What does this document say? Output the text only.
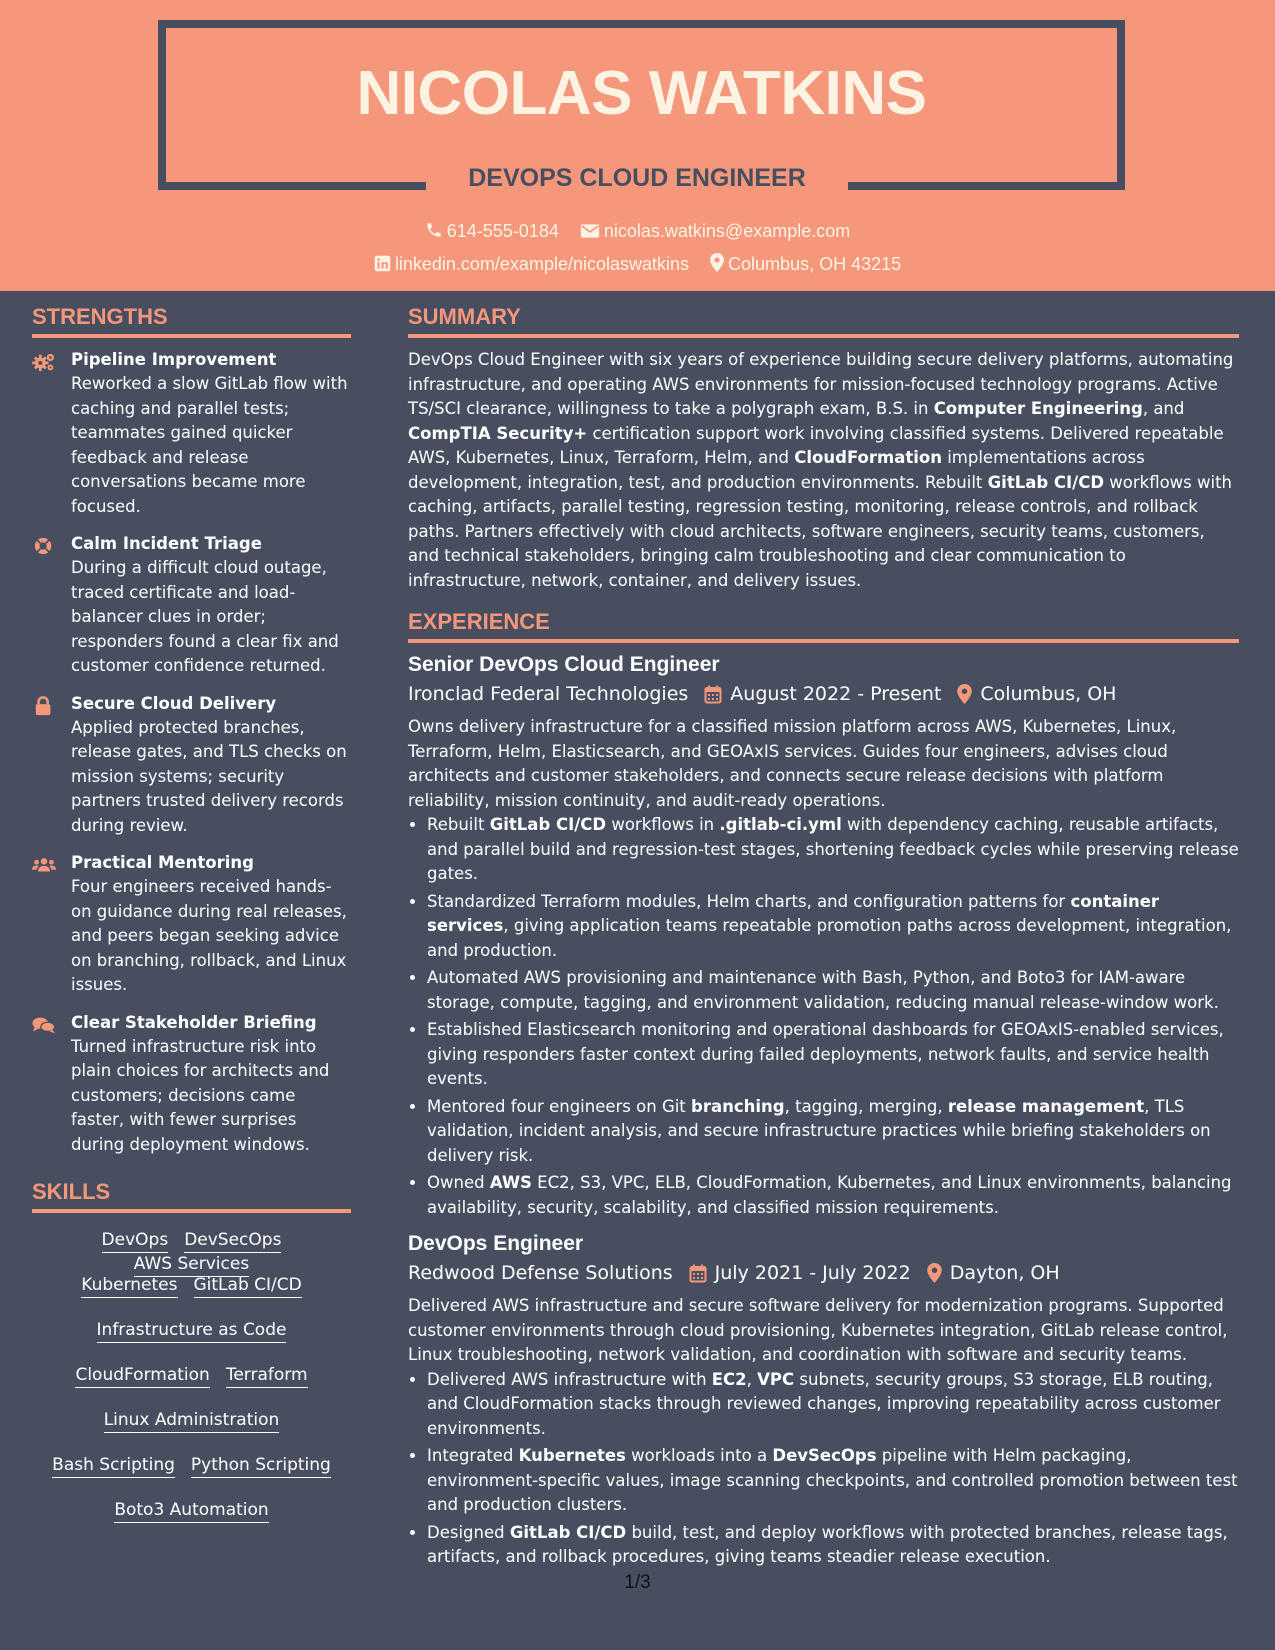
NICOLAS WATKINS
DEVOPS CLOUD ENGINEER
614-555-0184	nicolas.watkins@example.com
linkedin.com/example/nicolaswatkins Columbus, OH 43215
STRENGTHS
Pipeline Improvement
Reworked a slow GitLab flow with caching and parallel tests; teammates gained quicker feedback and release conversations became more focused.
Calm Incident Triage
During a difficult cloud outage, traced certificate and load-balancer clues in order; responders found a clear fix and customer confidence returned.
Secure Cloud Delivery
Applied protected branches, release gates, and TLS checks on mission systems; security partners trusted delivery records during review.
Practical Mentoring
Four engineers received hands-on guidance during real releases, and peers began seeking advice on branching, rollback, and Linux issues.
Clear Stakeholder Briefing
Turned infrastructure risk into plain choices for architects and customers; decisions came faster, with fewer surprises during deployment windows.
SKILLS
DevOps DevSecOpsAWS Services
Kubernetes GitLab CI/CD
Infrastructure as Code
CloudFormation Terraform
Linux Administration
Bash Scripting Python Scripting
Boto3 Automation
SUMMARY
DevOps Cloud Engineer with six years of experience building secure delivery platforms, automating infrastructure, and operating AWS environments for mission-focused technology programs. Active TS/SCI clearance, willingness to take a polygraph exam, B.S. in Computer Engineering, and CompTIA Security+ certification support work involving classified systems. Delivered repeatable AWS, Kubernetes, Linux, Terraform, Helm, and CloudFormation implementations across development, integration, test, and production environments. Rebuilt GitLab CI/CD workflows with caching, artifacts, parallel testing, regression testing, monitoring, release controls, and rollback paths. Partners effectively with cloud architects, software engineers, security teams, customers, and technical stakeholders, bringing calm troubleshooting and clear communication to infrastructure, network, container, and delivery issues.
EXPERIENCE
Senior DevOps Cloud Engineer
Ironclad Federal Technologies August 2022 - Present Columbus, OH
Owns delivery infrastructure for a classified mission platform across AWS, Kubernetes, Linux, Terraform, Helm, Elasticsearch, and GEOAxIS services. Guides four engineers, advises cloud architects and customer stakeholders, and connects secure release decisions with platform reliability, mission continuity, and audit-ready operations.
• Rebuilt GitLab CI/CD workflows in .gitlab-ci.yml with dependency caching, reusable artifacts, and parallel build and regression-test stages, shortening feedback cycles while preserving release gates.
• Standardized Terraform modules, Helm charts, and configuration patterns for container services, giving application teams repeatable promotion paths across development, integration, and production.
• Automated AWS provisioning and maintenance with Bash, Python, and Boto3 for IAM-aware storage, compute, tagging, and environment validation, reducing manual release-window work.
• Established Elasticsearch monitoring and operational dashboards for GEOAxIS-enabled services, giving responders faster context during failed deployments, network faults, and service health events.
• Mentored four engineers on Git branching, tagging, merging, release management, TLS validation, incident analysis, and secure infrastructure practices while briefing stakeholders on delivery risk.
• Owned AWS EC2, S3, VPC, ELB, CloudFormation, Kubernetes, and Linux environments, balancing availability, security, scalability, and classified mission requirements.
DevOps Engineer
Redwood Defense Solutions July 2021 - July 2022 Dayton, OH
Delivered AWS infrastructure and secure software delivery for modernization programs. Supported customer environments through cloud provisioning, Kubernetes integration, GitLab release control, Linux troubleshooting, network validation, and coordination with software and security teams.
• Delivered AWS infrastructure with EC2, VPC subnets, security groups, S3 storage, ELB routing, and CloudFormation stacks through reviewed changes, improving repeatability across customer environments.
• Integrated Kubernetes workloads into a DevSecOps pipeline with Helm packaging, environment-specific values, image scanning checkpoints, and controlled promotion between test and production clusters.
• Designed GitLab CI/CD build, test, and deploy workflows with protected branches, release tags, artifacts, and rollback procedures, giving teams steadier release execution.
1/3
